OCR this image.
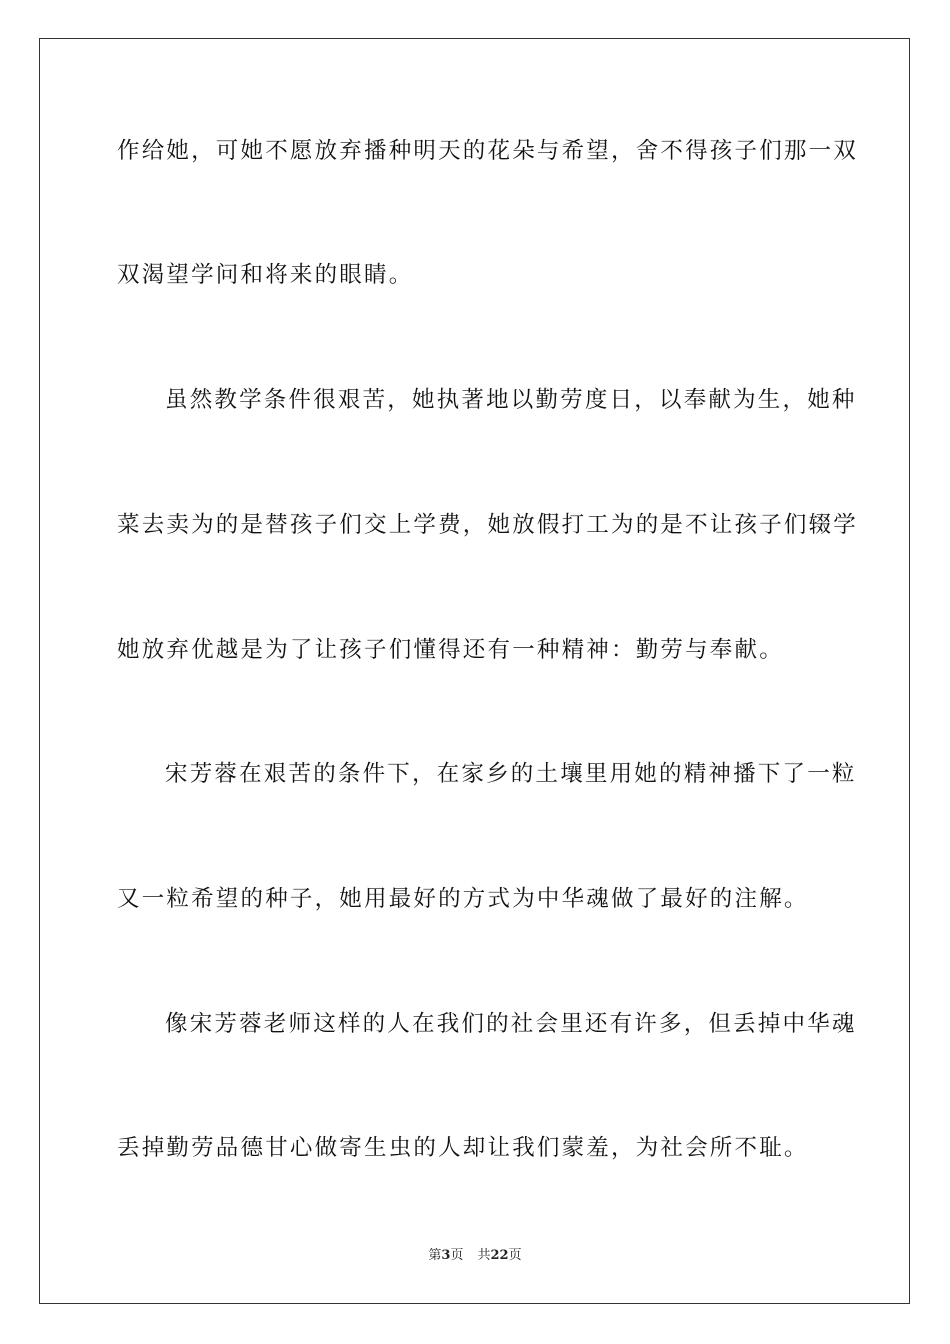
作给她，可她不愿放弃播种明天的花朵与希望，舍不得孩子们那一双
双渴望学问和将来的眼睛。
虽然教学条件很艰苦，她执著地以勤劳度日，以奉献为生，她种
菜去卖为的是替孩子们交上学费，她放假打工为的是不让孩子们辍学
她放弃优越是为了让孩子们懂得还有一种精神：勤劳与奉献。
宋芳蓉在艰苦的条件下，在家乡的土壤里用她的精神播下了一粒
又一粒希望的种子，她用最好的方式为中华魂做了最好的注解。
像宋芳蓉老师这样的人在我们的社会里还有许多，但丢掉中华魂
丢掉勤劳品德甘心做寄生虫的人却让我们蒙羞，为社会所不耻。
第3页 共22页
